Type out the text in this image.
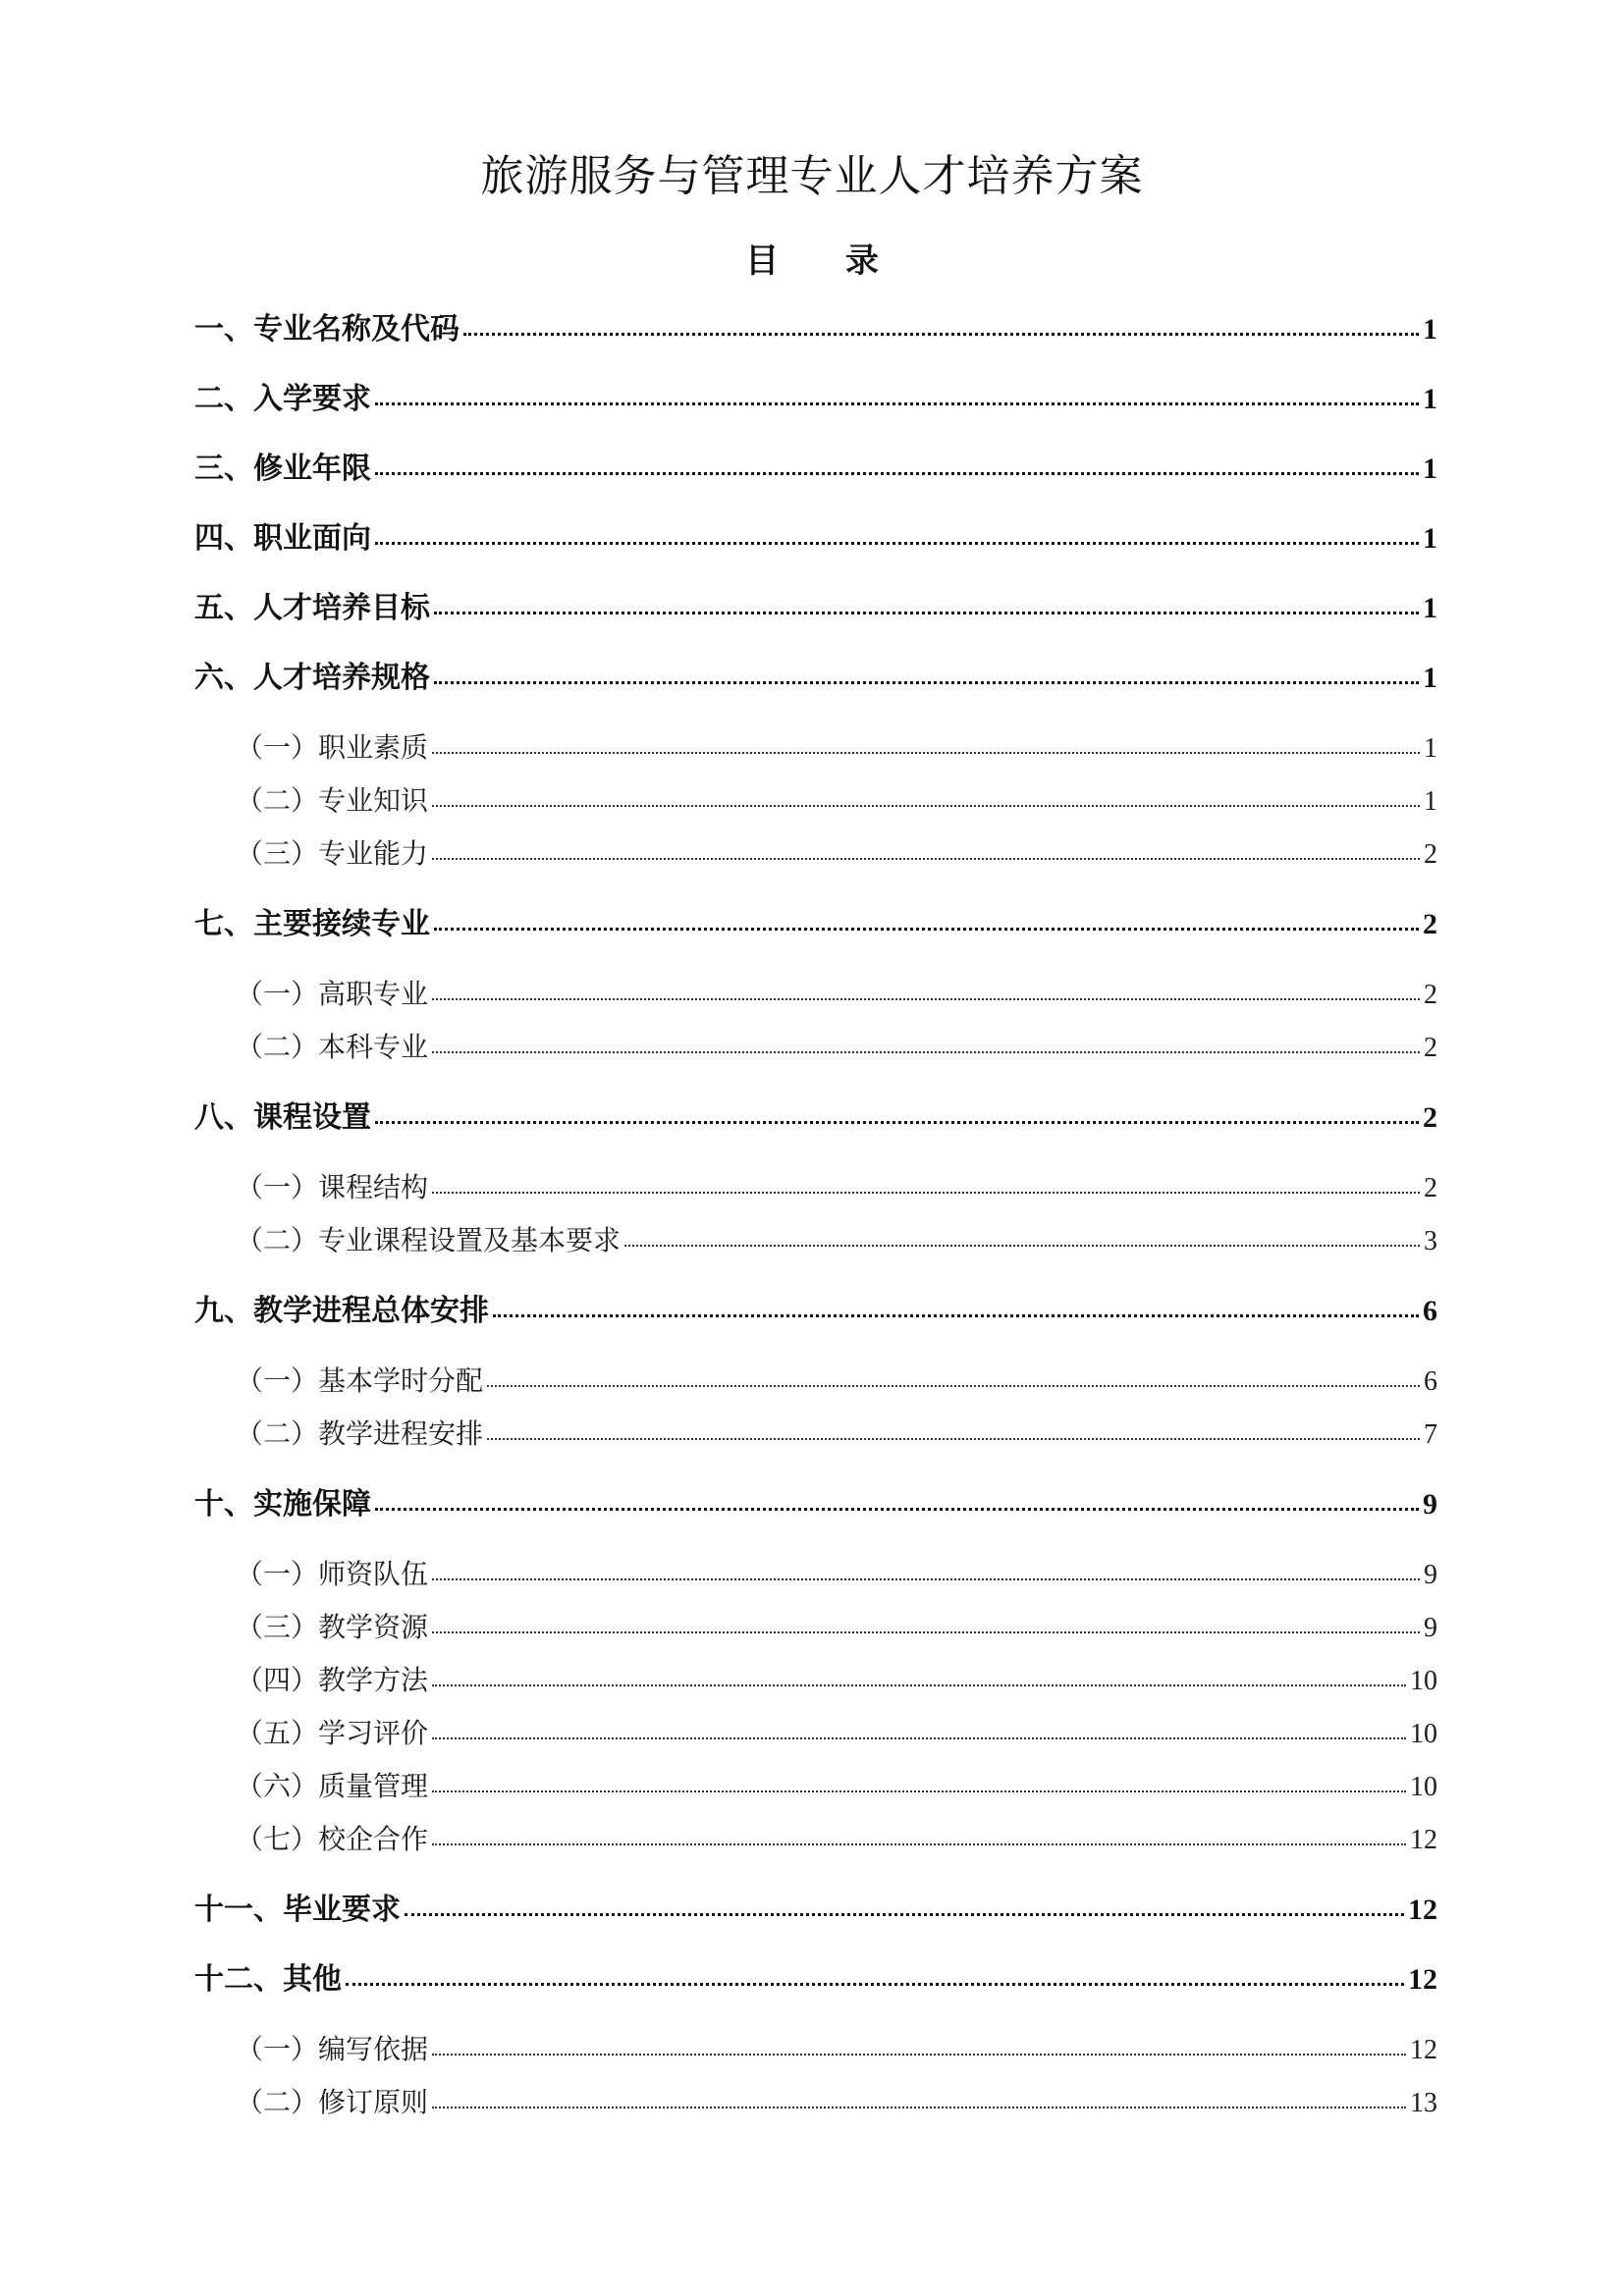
旅游服务与管理专业人才培养方案
目 录
一、专业名称及代码	1
二、入学要求	1
三、修业年限	1
四、职业面向	1
五、人才培养目标	1
六、人才培养规格	1
（一）职业素质	1
（二）专业知识	1
（三）专业能力	2
七、主要接续专业	2
（一）高职专业	2
（二）本科专业	2
八、课程设置	2
（一）课程结构	2
（二）专业课程设置及基本要求	3
九、教学进程总体安排	6
（一）基本学时分配	6
（二）教学进程安排	7
十、实施保障	9
（一）师资队伍	9
（三）教学资源	9
（四）教学方法	10
（五）学习评价	10
（六）质量管理	10
（七）校企合作	12
十一、毕业要求	12
十二、其他	12
（一）编写依据	12
（二）修订原则	13
